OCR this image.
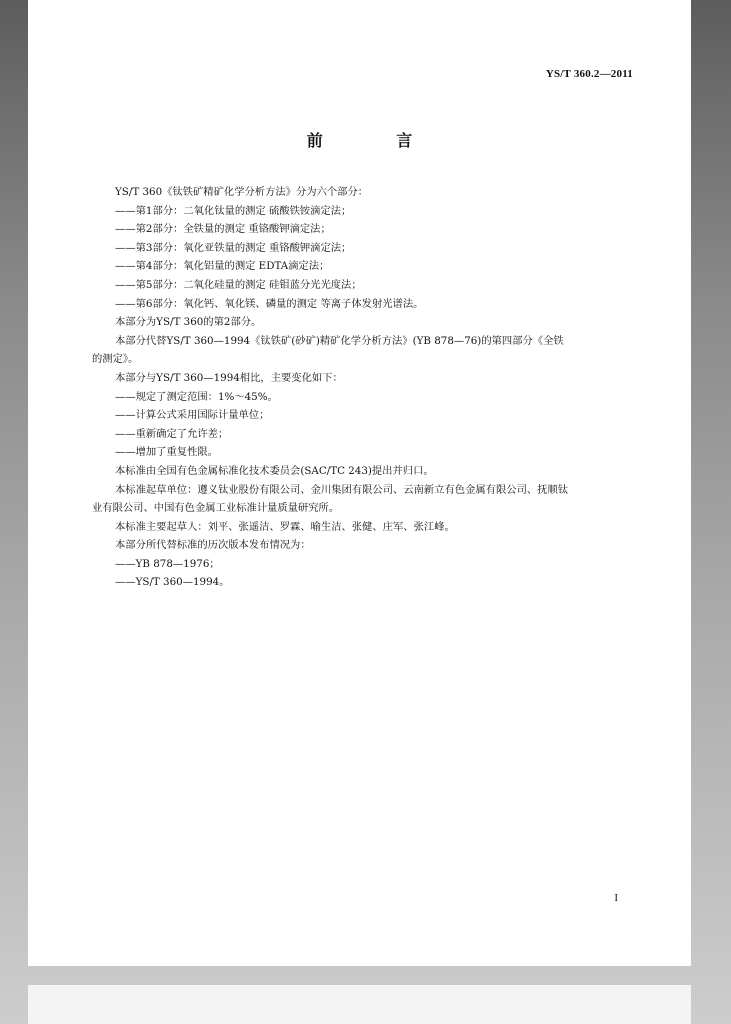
YS/T 360.2—2011
前 言
YS/T 360《钛铁矿精矿化学分析方法》分为六个部分：
——第1部分：二氧化钛量的测定 硫酸铁铵滴定法；
——第2部分：全铁量的测定 重铬酸钾滴定法；
——第3部分：氧化亚铁量的测定 重铬酸钾滴定法；
——第4部分：氧化铝量的测定 EDTA滴定法；
——第5部分：二氧化硅量的测定 硅钼蓝分光光度法；
——第6部分：氧化钙、氧化镁、磷量的测定 等离子体发射光谱法。
本部分为YS/T 360的第2部分。
本部分代替YS/T 360—1994《钛铁矿(砂矿)精矿化学分析方法》(YB 878—76)的第四部分《全铁
的测定》。
本部分与YS/T 360—1994相比，主要变化如下：
——规定了测定范围：1%～45%。
——计算公式采用国际计量单位；
——重新确定了允许差；
——增加了重复性限。
本标准由全国有色金属标准化技术委员会(SAC/TC 243)提出并归口。
本标准起草单位：遵义钛业股份有限公司、金川集团有限公司、云南新立有色金属有限公司、抚顺钛
业有限公司、中国有色金属工业标准计量质量研究所。
本标准主要起草人：刘平、张遥洁、罗霖、喻生洁、张健、庄军、张江峰。
本部分所代替标准的历次版本发布情况为：
——YB 878—1976；
——YS/T 360—1994。
I
